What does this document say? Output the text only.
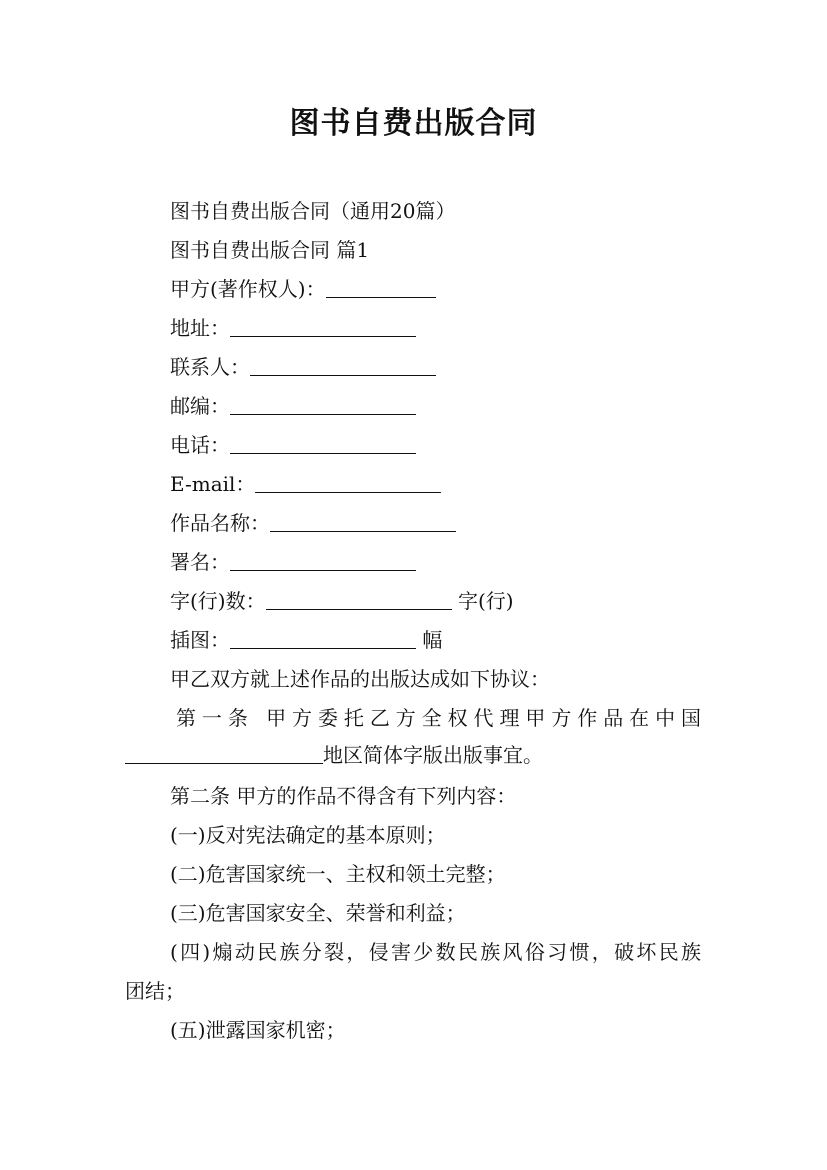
图书自费出版合同
图书自费出版合同（通用20篇）
图书自费出版合同 篇1
甲方(著作权人)：
地址：
联系人：
邮编：
电话：
E-mail：
作品名称：
署名：
字(行)数：	字(行)
插图：	幅
甲乙双方就上述作品的出版达成如下协议：
第一条 甲方委托乙方全权代理甲方作品在中国
地区简体字版出版事宜。
第二条 甲方的作品不得含有下列内容：
(一)反对宪法确定的基本原则；
(二)危害国家统一、主权和领土完整；
(三)危害国家安全、荣誉和利益；
(四)煽动民族分裂，侵害少数民族风俗习惯，破坏民族
团结；
(五)泄露国家机密；
